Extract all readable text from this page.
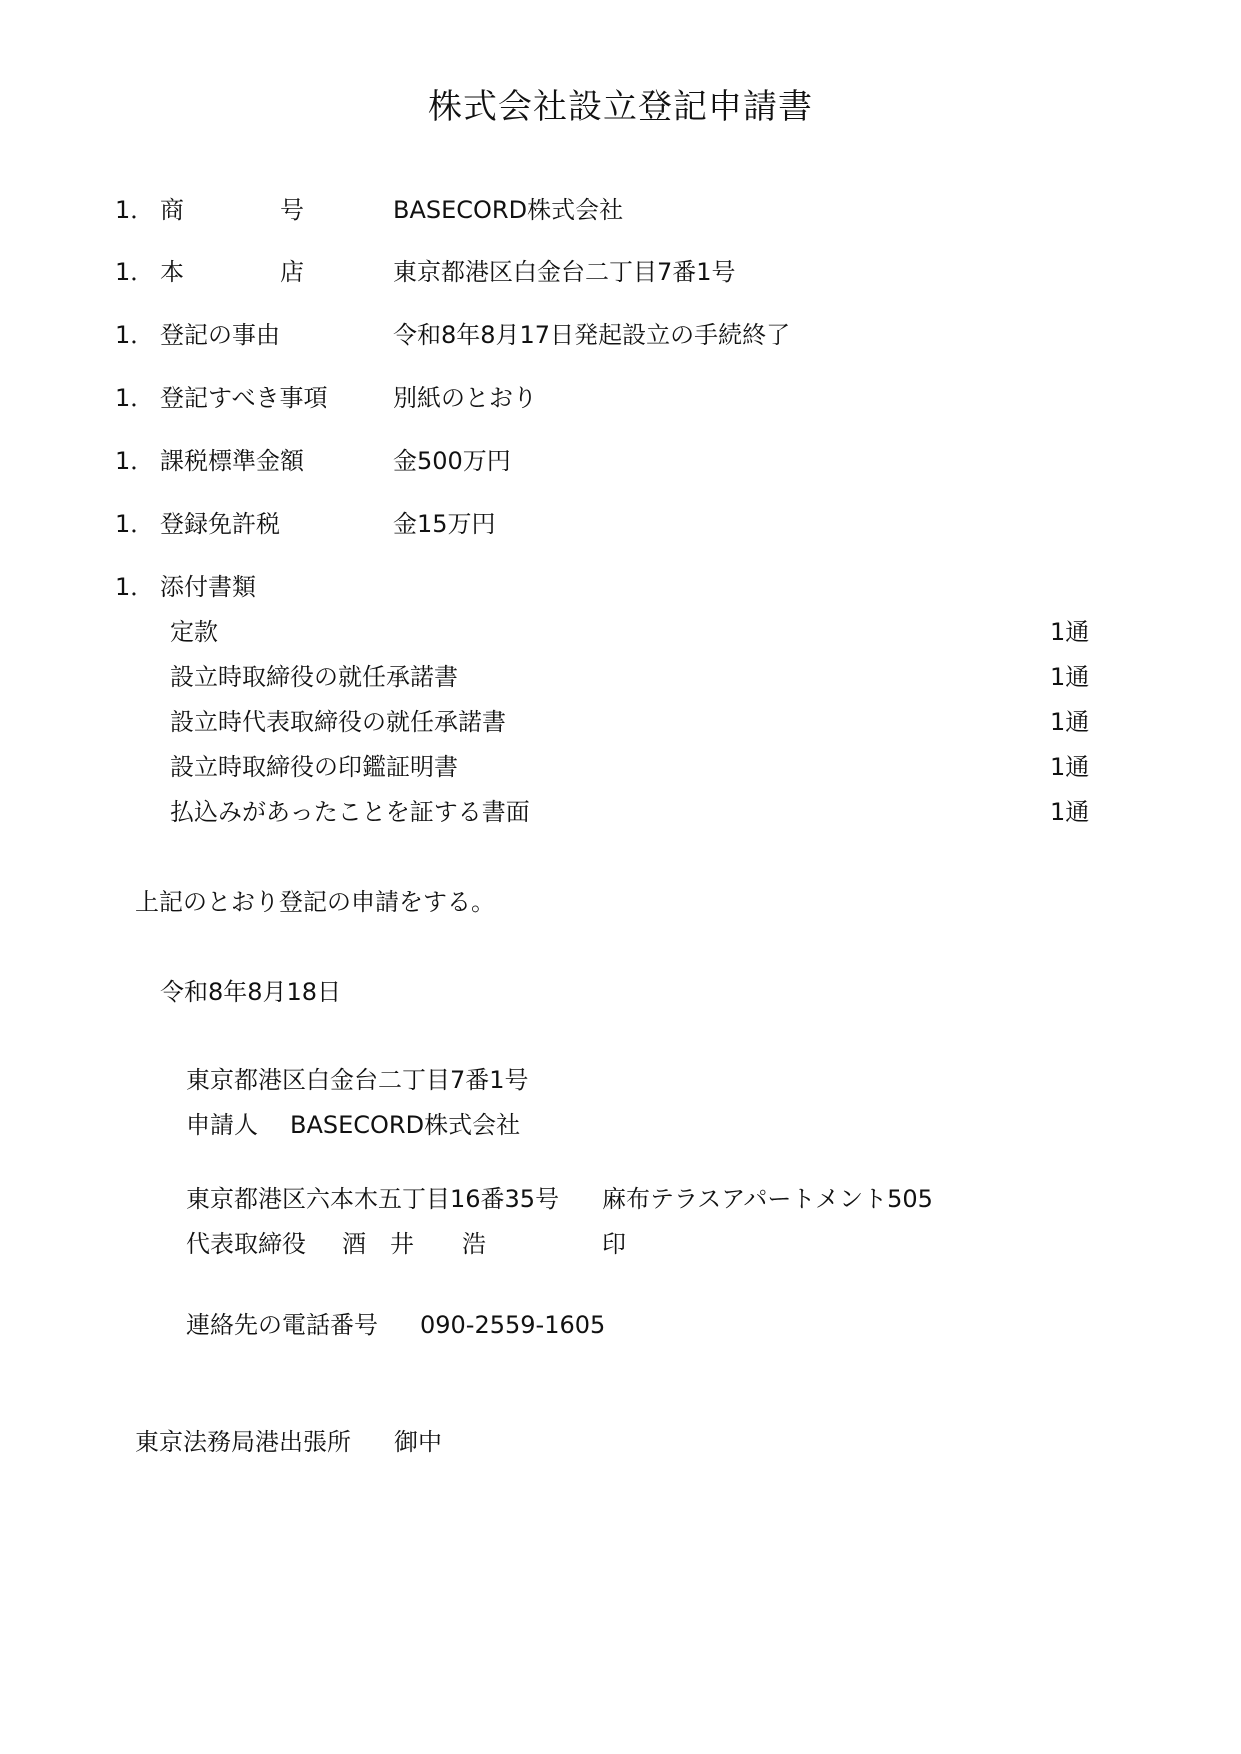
株式会社設立登記申請書
1． 商　　　　号	BASECORD株式会社
1． 本　　　　店	東京都港区白金台二丁目7番1号
1． 登記の事由	令和8年8月17日発起設立の手続終了
1． 登記すべき事項	別紙のとおり
1． 課税標準金額	金500万円
1． 登録免許税	金15万円
1． 添付書類
定款	1通
設立時取締役の就任承諾書	1通
設立時代表取締役の就任承諾書	1通
設立時取締役の印鑑証明書	1通
払込みがあったことを証する書面	1通
上記のとおり登記の申請をする。
令和8年8月18日
東京都港区白金台二丁目7番1号
申請人 BASECORD株式会社
東京都港区六本木五丁目16番35号 麻布テラスアパートメント505
代表取締役 酒　井　　浩	印
連絡先の電話番号 090-2559-1605
東京法務局港出張所 御中
